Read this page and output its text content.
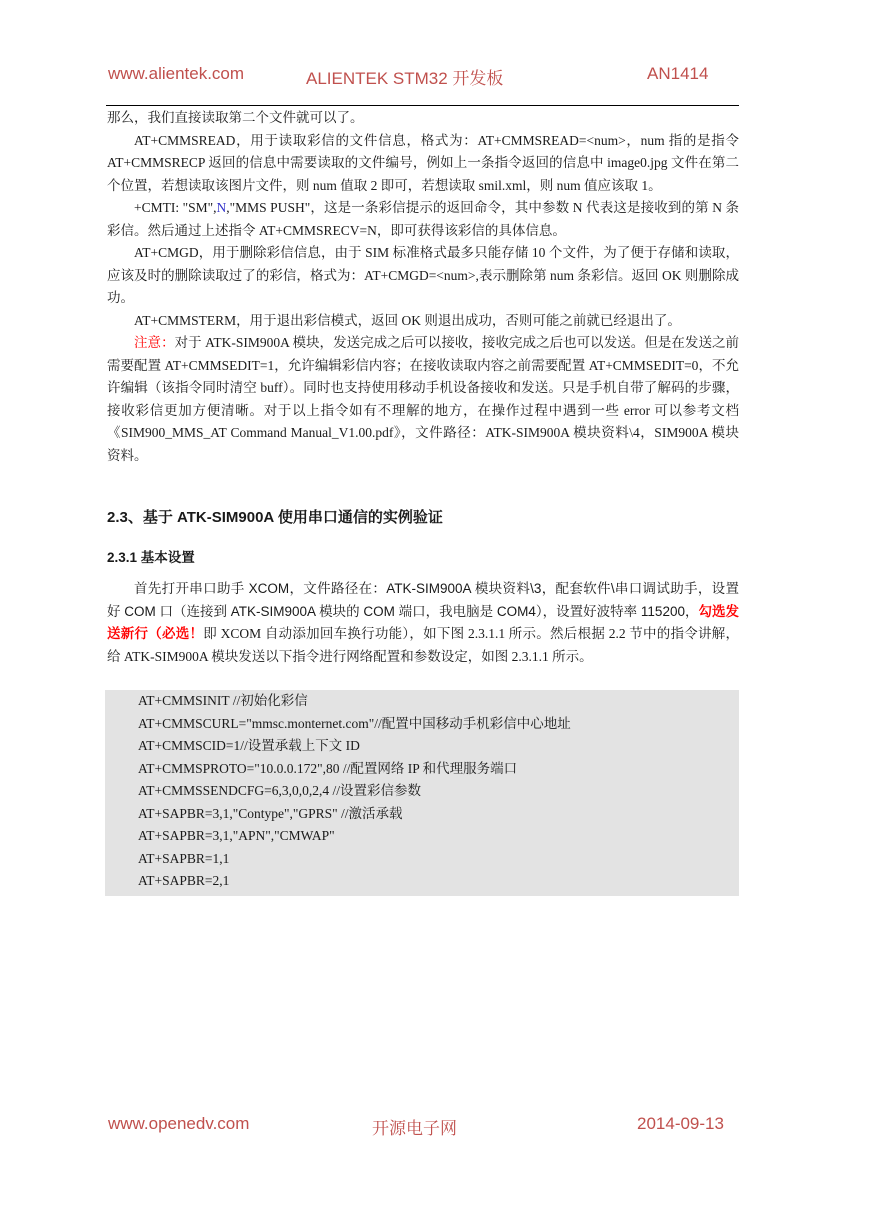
www.alientek.com	ALIENTEK STM32 开发板	AN1414

那么，我们直接读取第二个文件就可以了。

AT+CMMSREAD，用于读取彩信的文件信息，格式为：AT+CMMSREAD=<num>，num 指的是指令 AT+CMMSRECP 返回的信息中需要读取的文件编号，例如上一条指令返回的信息中 image0.jpg 文件在第二个位置，若想读取该图片文件，则 num 值取 2 即可，若想读取 smil.xml，则 num 值应该取 1。

+CMTI: "SM",N,"MMS PUSH"，这是一条彩信提示的返回命令，其中参数 N 代表这是接收到的第 N 条彩信。然后通过上述指令 AT+CMMSRECV=N，即可获得该彩信的具体信息。

AT+CMGD，用于删除彩信信息，由于 SIM 标准格式最多只能存储 10 个文件，为了便于存储和读取，应该及时的删除读取过了的彩信，格式为：AT+CMGD=<num>,表示删除第 num 条彩信。返回 OK 则删除成功。

AT+CMMSTERM，用于退出彩信模式，返回 OK 则退出成功，否则可能之前就已经退出了。

注意：对于 ATK-SIM900A 模块，发送完成之后可以接收，接收完成之后也可以发送。但是在发送之前需要配置 AT+CMMSEDIT=1，允许编辑彩信内容；在接收读取内容之前需要配置 AT+CMMSEDIT=0，不允许编辑（该指令同时清空 buff）。同时也支持使用移动手机设备接收和发送。只是手机自带了解码的步骤，接收彩信更加方便清晰。对于以上指令如有不理解的地方，在操作过程中遇到一些 error 可以参考文档《SIM900_MMS_AT Command Manual_V1.00.pdf》，文件路径：ATK-SIM900A 模块资料\4，SIM900A 模块资料。

2.3、基于 ATK-SIM900A 使用串口通信的实例验证
2.3.1 基本设置

首先打开串口助手 XCOM，文件路径在：ATK-SIM900A 模块资料\3，配套软件\串口调试助手，设置好 COM 口（连接到 ATK-SIM900A 模块的 COM 端口，我电脑是 COM4），设置好波特率 115200，勾选发送新行（必选！即 XCOM 自动添加回车换行功能），如下图 2.3.1.1 所示。然后根据 2.2 节中的指令讲解，给 ATK-SIM900A 模块发送以下指令进行网络配置和参数设定，如图 2.3.1.1 所示。

AT+CMMSINIT //初始化彩信
AT+CMMSCURL="mmsc.monternet.com"//配置中国移动手机彩信中心地址
AT+CMMSCID=1//设置承载上下文 ID
AT+CMMSPROTO="10.0.0.172",80 //配置网络 IP 和代理服务端口
AT+CMMSSENDCFG=6,3,0,0,2,4 //设置彩信参数
AT+SAPBR=3,1,"Contype","GPRS" //激活承载
AT+SAPBR=3,1,"APN","CMWAP"
AT+SAPBR=1,1
AT+SAPBR=2,1
www.openedv.com	开源电子网	2014-09-13
